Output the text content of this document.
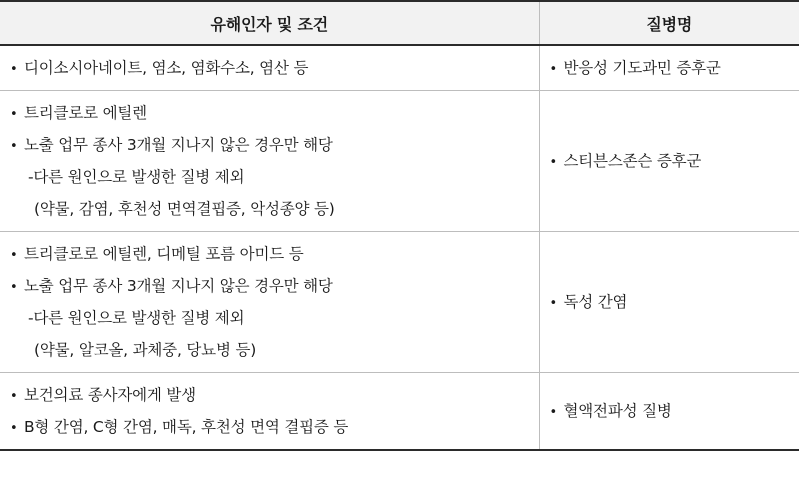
유해인자 및 조건	질병명

• 디이소시아네이트, 염소, 염화수소, 염산 등	• 반응성 기도과민 증후군

• 트리클로로 에틸렌
• 노출 업무 종사 3개월 지나지 않은 경우만 해당
-다른 원인으로 발생한 질병 제외
(약물, 감염, 후천성 면역결핍증, 악성종양 등)	• 스티븐스존슨 증후군

• 트리클로로 에틸렌, 디메틸 포름 아미드 등
• 노출 업무 종사 3개월 지나지 않은 경우만 해당
-다른 원인으로 발생한 질병 제외
(약물, 알코올, 과체중, 당뇨병 등)	• 독성 간염

• 보건의료 종사자에게 발생
• B형 간염, C형 간염, 매독, 후천성 면역 결핍증 등	• 혈액전파성 질병
